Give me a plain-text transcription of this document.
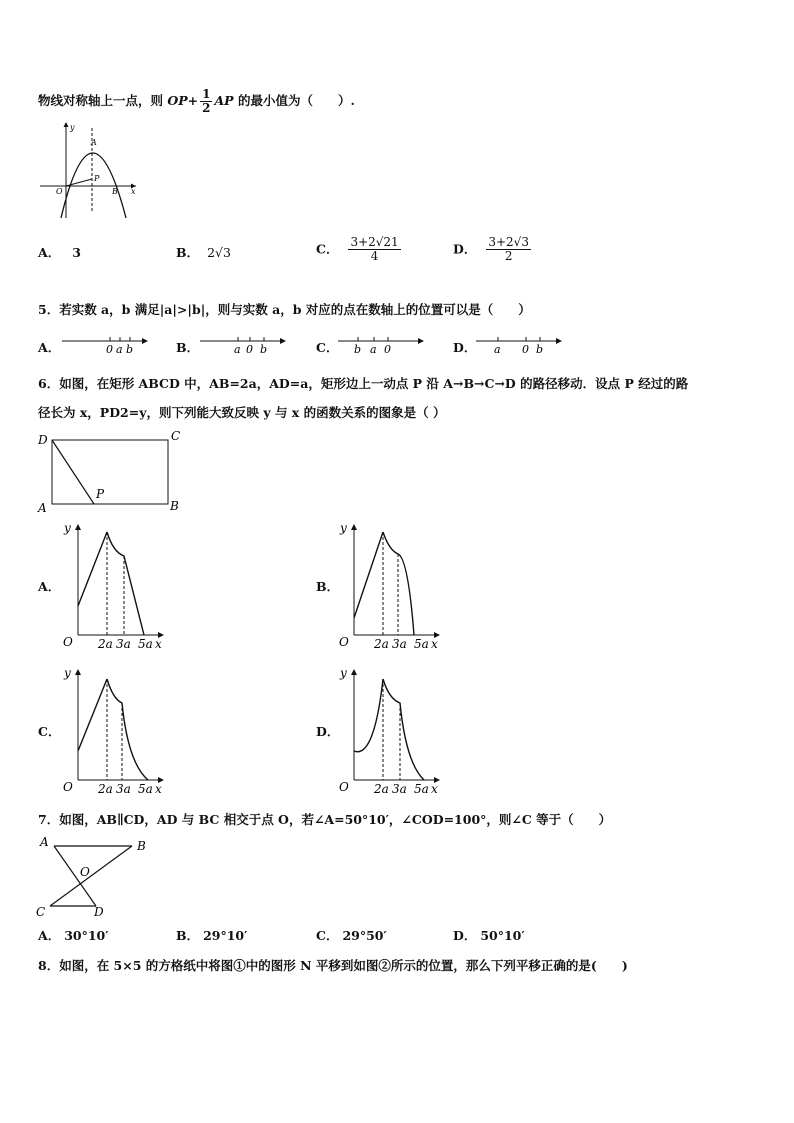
物线对称轴上一点，则 $OP+ \frac{1}{2}$ AP 的最小值为（　　）.
y
A
P
O	B x
A． 3	B． 2√3	C． $\frac{3+2√21}{4}$	D． $\frac{3+2√3}{2}$
5．若实数 a，b 满足|a|>|b|，则与实数 a，b 对应的点在数轴上的位置可以是（　　）
A．	0 a b	B．	a 0 b	C． b a 0	D． a 0 b
6．如图，在矩形 ABCD 中，AB=2a，AD=a，矩形边上一动点 P 沿 A→B→C→D 的路径移动．设点 P 经过的路
径长为 x，PD2=y，则下列能大致反映 y 与 x 的函数关系的图象是（ ）
D	C
A	B
P
A．	B．
C．	D．
y
O 2a 3a 5a x
y
O 2a 3a 5a x
y
O 2a 3a 5a x
y
O 2a 3a 5a x
7．如图，AB∥CD，AD 与 BC 相交于点 O，若∠A=50°10′，∠COD=100°，则∠C 等于（　　）
A	B
O
C	D
A． 30°10′	B． 29°10′	C． 29°50′	D． 50°10′
8．如图，在 5×5 的方格纸中将图①中的图形 N 平移到如图②所示的位置，那么下列平移正确的是(　　)
